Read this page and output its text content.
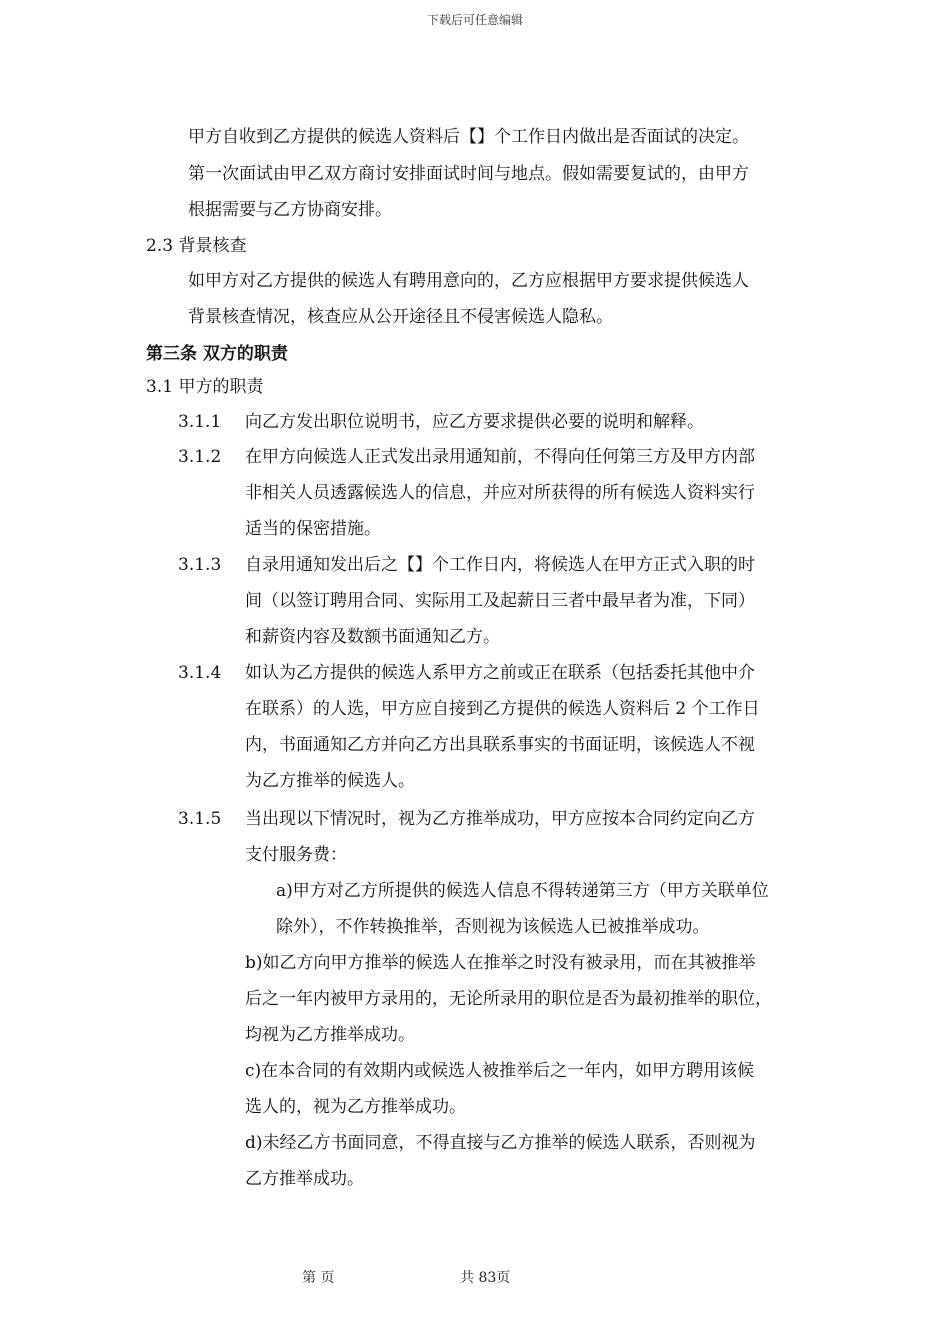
下载后可任意编辑
甲方自收到乙方提供的候选人资料后【】个工作日内做出是否面试的决定。
第一次面试由甲乙双方商讨安排面试时间与地点。假如需要复试的，由甲方
根据需要与乙方协商安排。
2.3 背景核查
如甲方对乙方提供的候选人有聘用意向的，乙方应根据甲方要求提供候选人
背景核查情况，核查应从公开途径且不侵害候选人隐私。
第三条 双方的职责
3.1 甲方的职责
3.1.1 向乙方发出职位说明书，应乙方要求提供必要的说明和解释。
3.1.2 在甲方向候选人正式发出录用通知前，不得向任何第三方及甲方内部
非相关人员透露候选人的信息，并应对所获得的所有候选人资料实行
适当的保密措施。
3.1.3 自录用通知发出后之【】个工作日内，将候选人在甲方正式入职的时
间（以签订聘用合同、实际用工及起薪日三者中最早者为准，下同）
和薪资内容及数额书面通知乙方。
3.1.4 如认为乙方提供的候选人系甲方之前或正在联系（包括委托其他中介
在联系）的人选，甲方应自接到乙方提供的候选人资料后 2 个工作日
内，书面通知乙方并向乙方出具联系事实的书面证明，该候选人不视
为乙方推举的候选人。
3.1.5 当出现以下情况时，视为乙方推举成功，甲方应按本合同约定向乙方
支付服务费：
a)甲方对乙方所提供的候选人信息不得转递第三方（甲方关联单位
除外），不作转换推举，否则视为该候选人已被推举成功。
b)如乙方向甲方推举的候选人在推举之时没有被录用，而在其被推举
后之一年内被甲方录用的，无论所录用的职位是否为最初推举的职位，
均视为乙方推举成功。
c)在本合同的有效期内或候选人被推举后之一年内，如甲方聘用该候
选人的，视为乙方推举成功。
d)未经乙方书面同意，不得直接与乙方推举的候选人联系，否则视为
乙方推举成功。
第 页	共 83页
